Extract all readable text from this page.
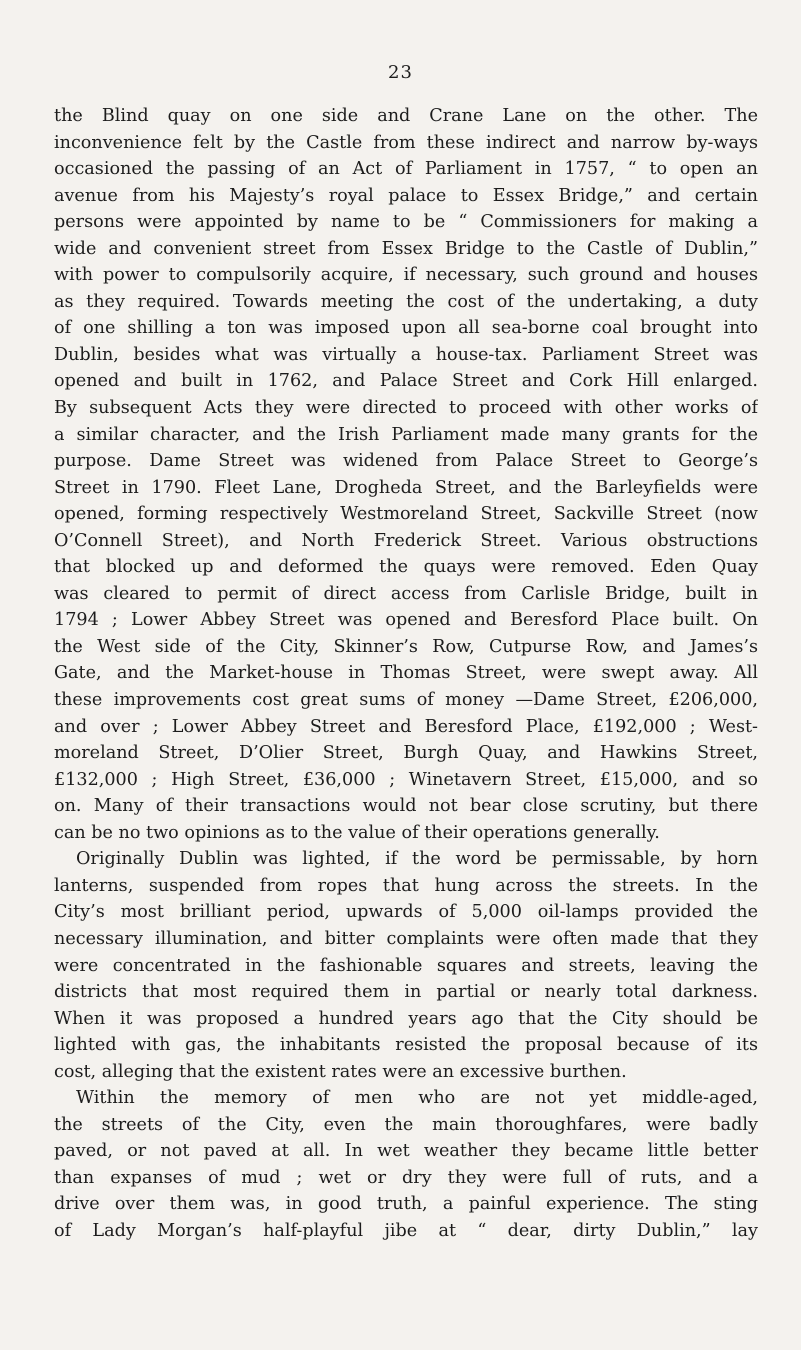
23
the Blind quay on one side and Crane Lane on the other. The
inconvenience felt by the Castle from these indirect and narrow by-ways
occasioned the passing of an Act of Parliament in 1757, “ to open an
avenue from his Majesty’s royal palace to Essex Bridge,” and certain
persons were appointed by name to be “ Commissioners for making a
wide and convenient street from Essex Bridge to the Castle of Dublin,”
with power to compulsorily acquire, if necessary, such ground and houses
as they required. Towards meeting the cost of the undertaking, a duty
of one shilling a ton was imposed upon all sea-borne coal brought into
Dublin, besides what was virtually a house-tax. Parliament Street was
opened and built in 1762, and Palace Street and Cork Hill enlarged.
By subsequent Acts they were directed to proceed with other works of
a similar character, and the Irish Parliament made many grants for the
purpose. Dame Street was widened from Palace Street to George’s
Street in 1790. Fleet Lane, Drogheda Street, and the Barleyfields were
opened, forming respectively Westmoreland Street, Sackville Street (now
O’Connell Street), and North Frederick Street. Various obstructions
that blocked up and deformed the quays were removed. Eden Quay
was cleared to permit of direct access from Carlisle Bridge, built in
1794 ; Lower Abbey Street was opened and Beresford Place built. On
the West side of the City, Skinner’s Row, Cutpurse Row, and James’s
Gate, and the Market-house in Thomas Street, were swept away. All
these improvements cost great sums of money —Dame Street, £206,000,
and over ; Lower Abbey Street and Beresford Place, £192,000 ; West-
moreland Street, D’Olier Street, Burgh Quay, and Hawkins Street,
£132,000 ; High Street, £36,000 ; Winetavern Street, £15,000, and so
on. Many of their transactions would not bear close scrutiny, but there
can be no two opinions as to the value of their operations generally.
Originally Dublin was lighted, if the word be permissable, by horn
lanterns, suspended from ropes that hung across the streets. In the
City’s most brilliant period, upwards of 5,000 oil-lamps provided the
necessary illumination, and bitter complaints were often made that they
were concentrated in the fashionable squares and streets, leaving the
districts that most required them in partial or nearly total darkness.
When it was proposed a hundred years ago that the City should be
lighted with gas, the inhabitants resisted the proposal because of its
cost, alleging that the existent rates were an excessive burthen.
Within the memory of men who are not yet middle-aged,
the streets of the City, even the main thoroughfares, were badly
paved, or not paved at all. In wet weather they became little better
than expanses of mud ; wet or dry they were full of ruts, and a
drive over them was, in good truth, a painful experience. The sting
of Lady Morgan’s half-playful jibe at “ dear, dirty Dublin,” lay
